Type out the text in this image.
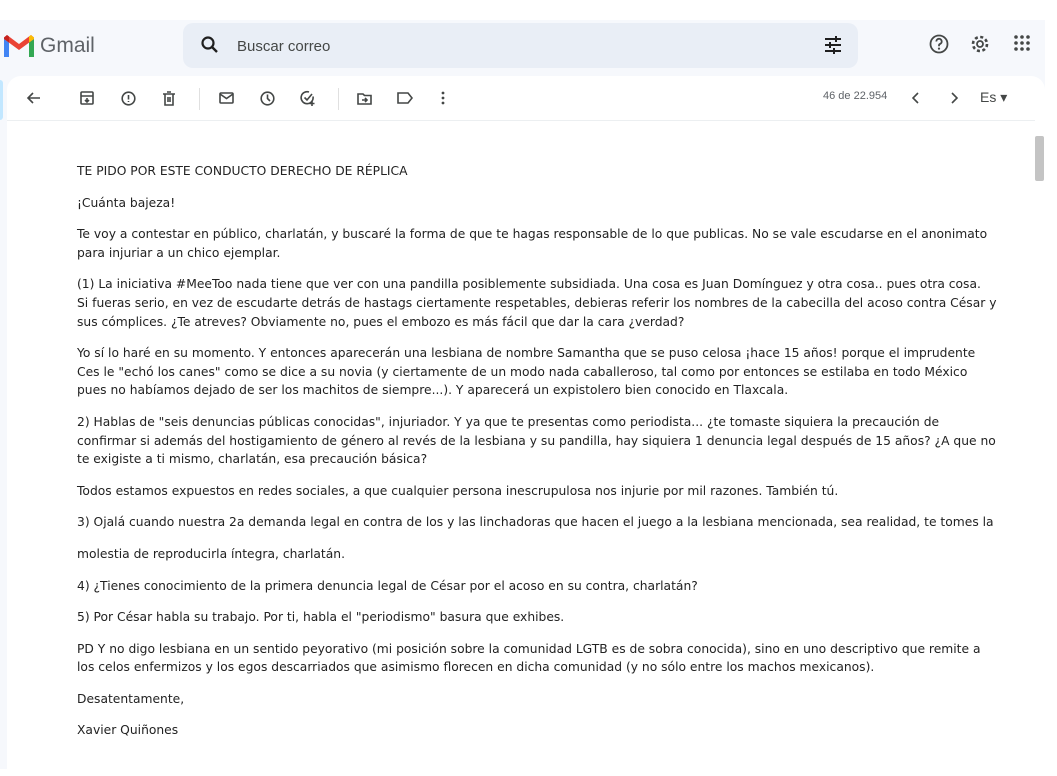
Gmail
Buscar correo
46 de 22.954	Es ▾
TE PIDO POR ESTE CONDUCTO DERECHO DE RÉPLICA
¡Cuánta bajeza!
Te voy a contestar en público, charlatán, y buscaré la forma de que te hagas responsable de lo que publicas. No se vale escudarse en el anonimato
para injuriar a un chico ejemplar.
(1) La iniciativa #MeeToo nada tiene que ver con una pandilla posiblemente subsidiada. Una cosa es Juan Domínguez y otra cosa.. pues otra cosa.
Si fueras serio, en vez de escudarte detrás de hastags ciertamente respetables, debieras referir los nombres de la cabecilla del acoso contra César y
sus cómplices. ¿Te atreves? Obviamente no, pues el embozo es más fácil que dar la cara ¿verdad?
Yo sí lo haré en su momento. Y entonces aparecerán una lesbiana de nombre Samantha que se puso celosa ¡hace 15 años! porque el imprudente
Ces le "echó los canes" como se dice a su novia (y ciertamente de un modo nada caballeroso, tal como por entonces se estilaba en todo México
pues no habíamos dejado de ser los machitos de siempre...). Y aparecerá un expistolero bien conocido en Tlaxcala.
2) Hablas de "seis denuncias públicas conocidas", injuriador. Y ya que te presentas como periodista... ¿te tomaste siquiera la precaución de
confirmar si además del hostigamiento de género al revés de la lesbiana y su pandilla, hay siquiera 1 denuncia legal después de 15 años? ¿A que no
te exigiste a ti mismo, charlatán, esa precaución básica?
Todos estamos expuestos en redes sociales, a que cualquier persona inescrupulosa nos injurie por mil razones. También tú.
3) Ojalá cuando nuestra 2a demanda legal en contra de los y las linchadoras que hacen el juego a la lesbiana mencionada, sea realidad, te tomes la
molestia de reproducirla íntegra, charlatán.
4) ¿Tienes conocimiento de la primera denuncia legal de César por el acoso en su contra, charlatán?
5) Por César habla su trabajo. Por ti, habla el "periodismo" basura que exhibes.
PD Y no digo lesbiana en un sentido peyorativo (mi posición sobre la comunidad LGTB es de sobra conocida), sino en uno descriptivo que remite a
los celos enfermizos y los egos descarriados que asimismo florecen en dicha comunidad (y no sólo entre los machos mexicanos).
Desatentamente,
Xavier Quiñones
